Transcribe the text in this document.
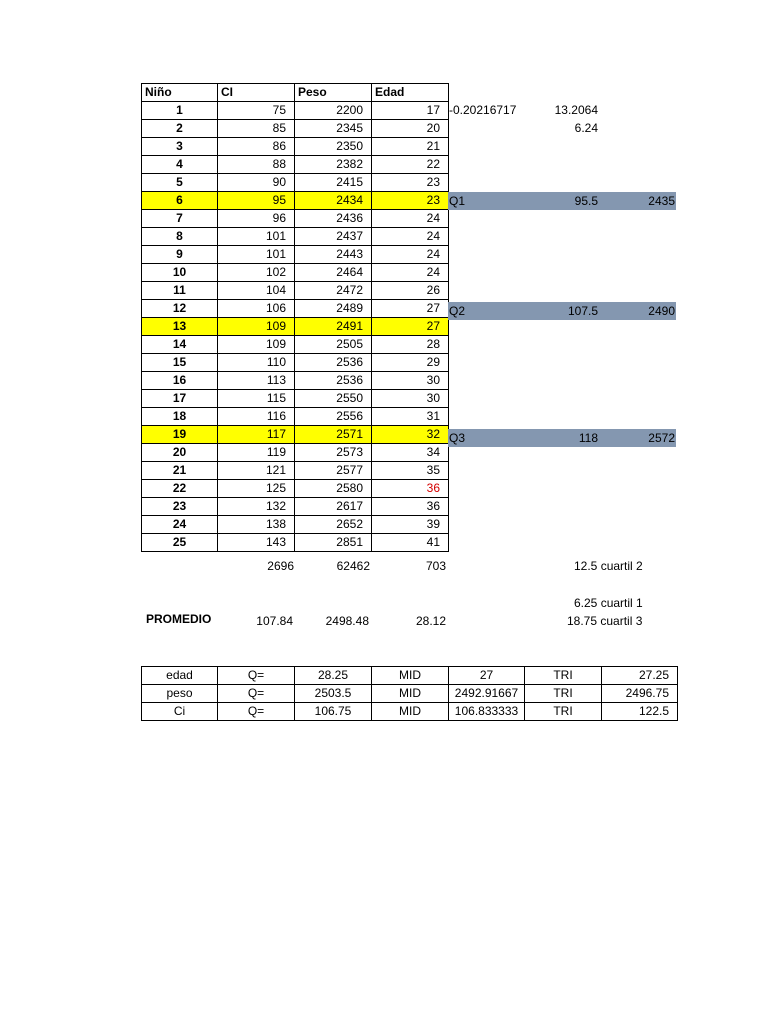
Niño	CI	Peso	Edad
1	75	2200	17
2	85	2345	20
3	86	2350	21
4	88	2382	22
5	90	2415	23
6	95	2434	23
7	96	2436	24
8	101	2437	24
9	101	2443	24
10	102	2464	24
11	104	2472	26
12	106	2489	27
13	109	2491	27
14	109	2505	28
15	110	2536	29
16	113	2536	30
17	115	2550	30
18	116	2556	31
19	117	2571	32
20	119	2573	34
21	121	2577	35
22	125	2580	36
23	132	2617	36
24	138	2652	39
25	143	2851	41
-0.20216717	13.2064
6.24
Q1	95.5	2435
Q2	107.5	2490
Q3	118	2572
2696	62462	703	12.5 cuartil 2
6.25 cuartil 1
18.75 cuartil 3
PROMEDIO	107.84	2498.48	28.12
edad	Q=	28.25	MID	27	TRI	27.25
peso	Q=	2503.5	MID	2492.91667	TRI	2496.75
Ci	Q=	106.75	MID	106.833333	TRI	122.5
